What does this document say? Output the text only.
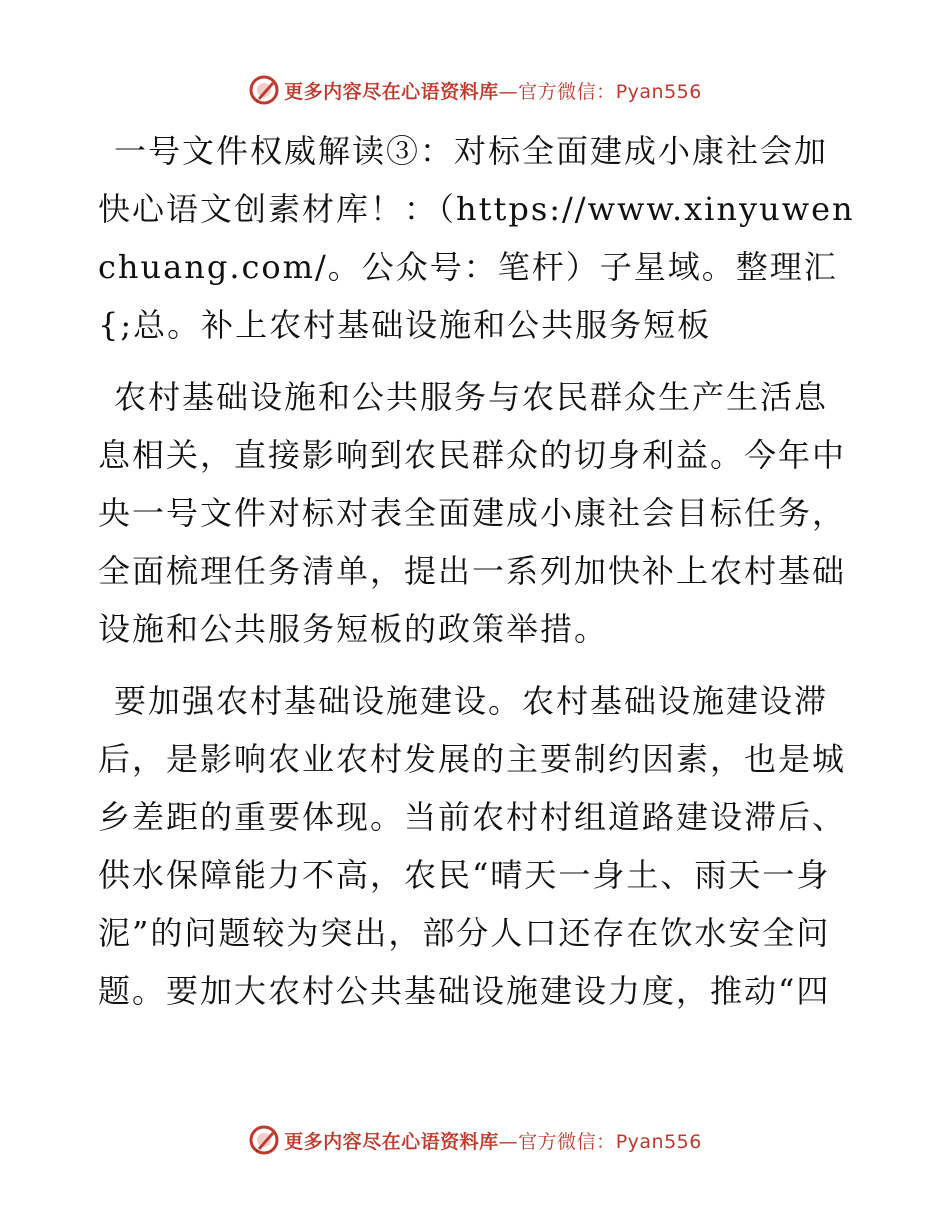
更多内容尽在心语资料库—官方微信：Pyan556

一号文件权威解读③：对标全面建成小康社会加快心语文创素材库！：（https://www.xinyuwenchuang.com/。公众号：笔杆）子星域。整理汇{;总。补上农村基础设施和公共服务短板

农村基础设施和公共服务与农民群众生产生活息息相关，直接影响到农民群众的切身利益。今年中央一号文件对标对表全面建成小康社会目标任务，全面梳理任务清单，提出一系列加快补上农村基础设施和公共服务短板的政策举措。

要加强农村基础设施建设。农村基础设施建设滞后，是影响农业农村发展的主要制约因素，也是城乡差距的重要体现。当前农村村组道路建设滞后、供水保障能力不高，农民“晴天一身土、雨天一身泥”的问题较为突出，部分人口还存在饮水安全问题。要加大农村公共基础设施建设力度，推动“四

更多内容尽在心语资料库—官方微信：Pyan556
